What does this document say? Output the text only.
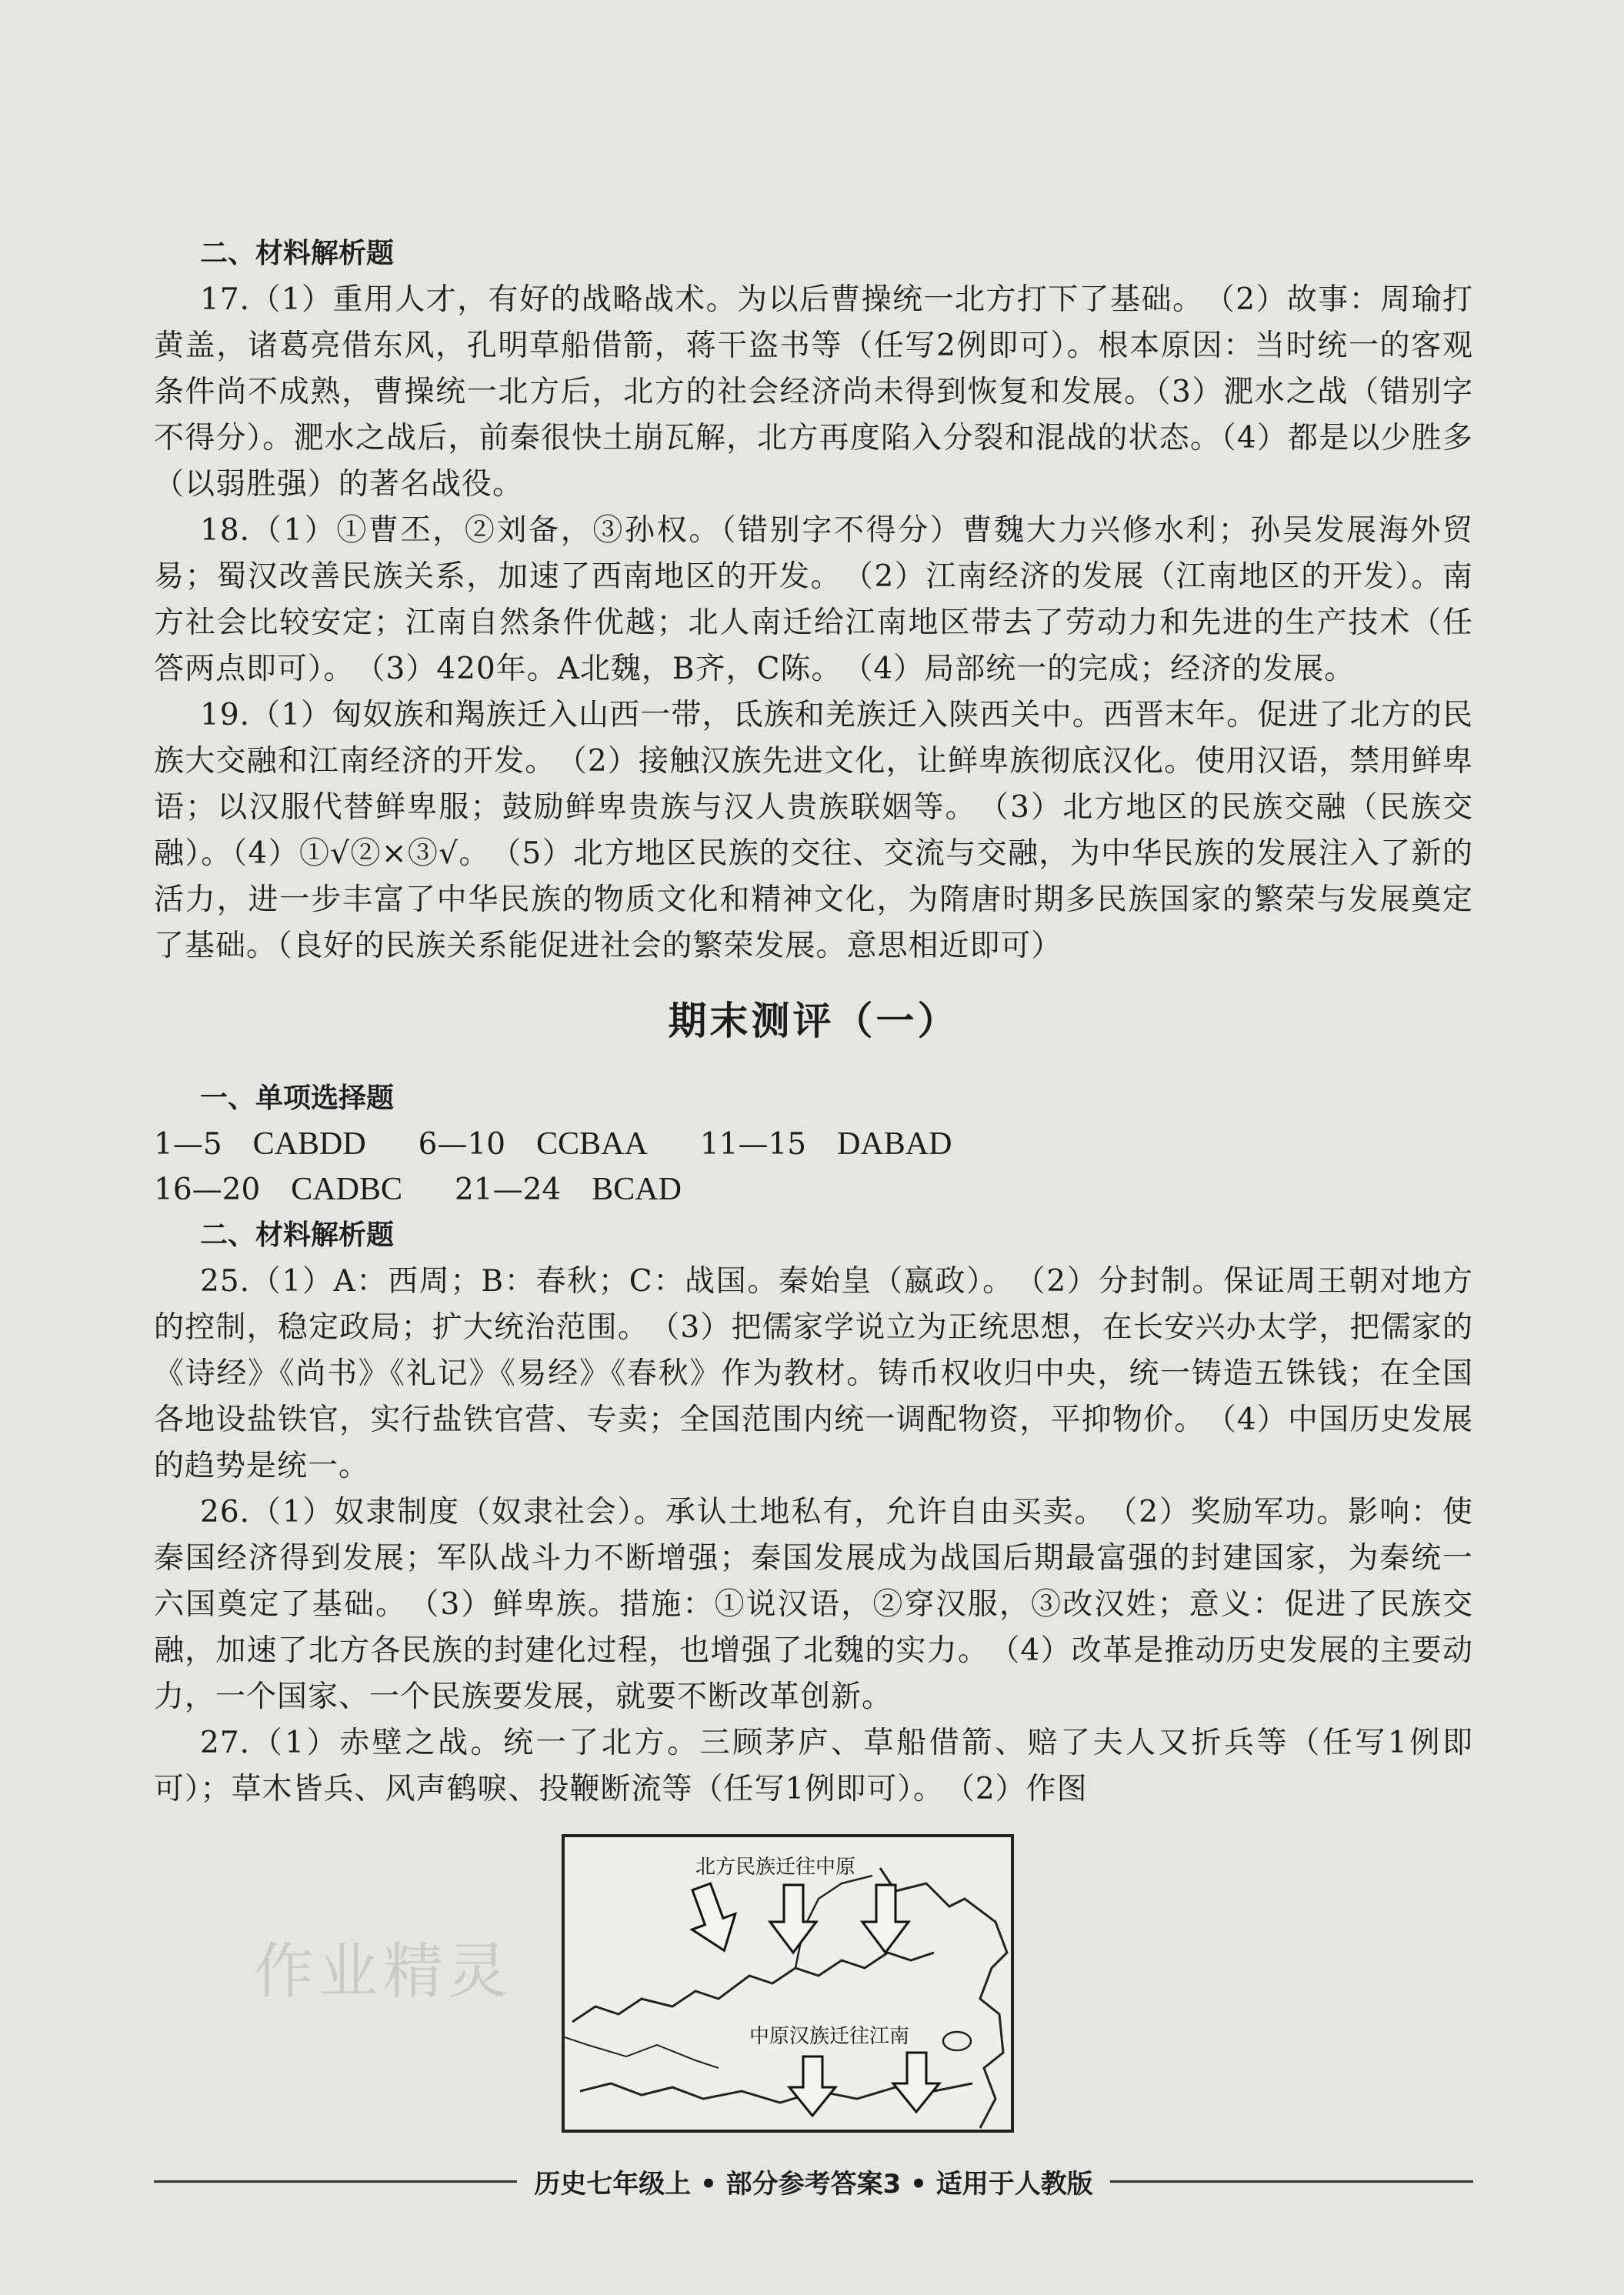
二、材料解析题

17.（1）重用人才，有好的战略战术。为以后曹操统一北方打下了基础。　（2）故事：周瑜打黄盖，诸葛亮借东风，孔明草船借箭，蒋干盗书等（任写2例即可）。根本原因：当时统一的客观条件尚不成熟，曹操统一北方后，北方的社会经济尚未得到恢复和发展。（3）淝水之战（错别字不得分）。淝水之战后，前秦很快土崩瓦解，北方再度陷入分裂和混战的状态。（4）都是以少胜多（以弱胜强）的著名战役。

18.（1）①曹丕，②刘备，③孙权。（错别字不得分）曹魏大力兴修水利；孙吴发展海外贸易；蜀汉改善民族关系，加速了西南地区的开发。　（2）江南经济的发展（江南地区的开发）。南方社会比较安定；江南自然条件优越；北人南迁给江南地区带去了劳动力和先进的生产技术（任答两点即可）。　（3）420年。A北魏，B齐，C陈。　（4）局部统一的完成；经济的发展。

19.（1）匈奴族和羯族迁入山西一带，氐族和羌族迁入陕西关中。西晋末年。促进了北方的民族大交融和江南经济的开发。　（2）接触汉族先进文化，让鲜卑族彻底汉化。使用汉语，禁用鲜卑语；以汉服代替鲜卑服；鼓励鲜卑贵族与汉人贵族联姻等。　（3）北方地区的民族交融（民族交融）。（4）①√②×③√。　（5）北方地区民族的交往、交流与交融，为中华民族的发展注入了新的活力，进一步丰富了中华民族的物质文化和精神文化，为隋唐时期多民族国家的繁荣与发展奠定了基础。（良好的民族关系能促进社会的繁荣发展。意思相近即可）

期末测评（一）
一、单项选择题

1—5 CABDD 6—10 CCBAA 11—15 DABAD

16—20 CADBC 21—24 BCAD

二、材料解析题

25.（1）A：西周；B：春秋；C：战国。秦始皇（嬴政）。　（2）分封制。保证周王朝对地方的控制，稳定政局；扩大统治范围。　（3）把儒家学说立为正统思想，在长安兴办太学，把儒家的《诗经》《尚书》《礼记》《易经》《春秋》作为教材。铸币权收归中央，统一铸造五铢钱；在全国各地设盐铁官，实行盐铁官营、专卖；全国范围内统一调配物资，平抑物价。　（4）中国历史发展的趋势是统一。

26.（1）奴隶制度（奴隶社会）。承认土地私有，允许自由买卖。　（2）奖励军功。影响：使秦国经济得到发展；军队战斗力不断增强；秦国发展成为战国后期最富强的封建国家，为秦统一六国奠定了基础。　（3）鲜卑族。措施：①说汉语，②穿汉服，③改汉姓；意义：促进了民族交融，加速了北方各民族的封建化过程，也增强了北魏的实力。　（4）改革是推动历史发展的主要动力，一个国家、一个民族要发展，就要不断改革创新。

27.（1）赤壁之战。统一了北方。三顾茅庐、草船借箭、赔了夫人又折兵等（任写1例即可）；草木皆兵、风声鹤唳、投鞭断流等（任写1例即可）。　（2）作图

北方民族迁往中原
中原汉族迁往江南
作业精灵
历史七年级上 • 部分参考答案3 • 适用于人教版
